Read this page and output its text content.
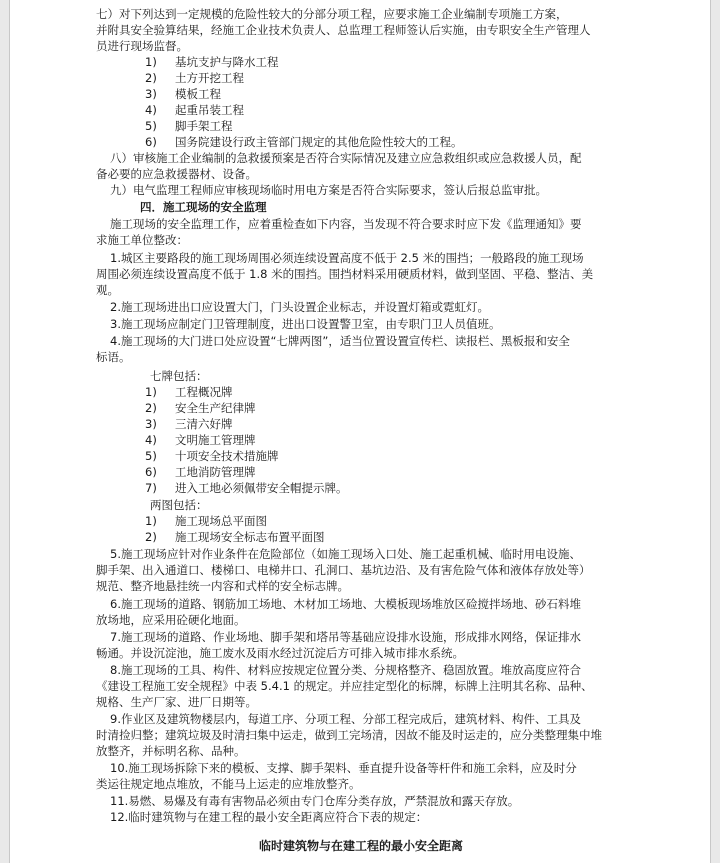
七）对下列达到一定规模的危险性较大的分部分项工程，应要求施工企业编制专项施工方案，
并附具安全验算结果，经施工企业技术负责人、总监理工程师签认后实施，由专职安全生产管理人
员进行现场监督。
1) 基坑支护与降水工程
2) 土方开挖工程
3) 模板工程
4) 起重吊装工程
5) 脚手架工程
6) 国务院建设行政主管部门规定的其他危险性较大的工程。
八）审核施工企业编制的急救援预案是否符合实际情况及建立应急救组织或应急救援人员，配
备必要的应急救援器材、设备。
九）电气监理工程师应审核现场临时用电方案是否符合实际要求，签认后报总监审批。
四．施工现场的安全监理
施工现场的安全监理工作，应着重检查如下内容，当发现不符合要求时应下发《监理通知》要
求施工单位整改：
1.城区主要路段的施工现场周围必须连续设置高度不低于 2.5 米的围挡；一般路段的施工现场
周围必须连续设置高度不低于 1.8 米的围挡。围挡材料采用硬质材料，做到坚固、平稳、整洁、美
观。
2.施工现场进出口应设置大门，门头设置企业标志，并设置灯箱或霓虹灯。
3.施工现场应制定门卫管理制度，进出口设置警卫室，由专职门卫人员值班。
4.施工现场的大门进口处应设置“七牌两图”，适当位置设置宣传栏、读报栏、黑板报和安全
标语。
七牌包括：
1) 工程概况牌
2) 安全生产纪律牌
3) 三清六好牌
4) 文明施工管理牌
5) 十项安全技术措施牌
6) 工地消防管理牌
7) 进入工地必须佩带安全帽提示牌。
两图包括：
1) 施工现场总平面图
2) 施工现场安全标志布置平面图
5.施工现场应针对作业条件在危险部位（如施工现场入口处、施工起重机械、临时用电设施、
脚手架、出入通道口、楼梯口、电梯井口、孔洞口、基坑边沿、及有害危险气体和液体存放处等）
规范、整齐地悬挂统一内容和式样的安全标志牌。
6.施工现场的道路、钢筋加工场地、木材加工场地、大模板现场堆放区硷搅拌场地、砂石料堆
放场地，应采用砼硬化地面。
7.施工现场的道路、作业场地、脚手架和塔吊等基础应设排水设施，形成排水网络，保证排水
畅通。并设沉淀池，施工废水及雨水经过沉淀后方可排入城市排水系统。
8.施工现场的工具、构件、材料应按规定位置分类、分规格整齐、稳固放置。堆放高度应符合
《建设工程施工安全规程》中表 5.4.1 的规定。并应挂定型化的标牌，标牌上注明其名称、品种、
规格、生产厂家、进厂日期等。
9.作业区及建筑物楼层内，每道工序、分项工程、分部工程完成后，建筑材料、构件、工具及
时清捡归整；建筑垃圾及时清扫集中运走，做到工完场清，因故不能及时运走的，应分类整理集中堆
放整齐，并标明名称、品种。
10.施工现场拆除下来的模板、支撑、脚手架料、垂直提升设备等杆件和施工余料，应及时分
类运往规定地点堆放，不能马上运走的应堆放整齐。
11.易燃、易爆及有毒有害物品必须由专门仓库分类存放，严禁混放和露天存放。
12.临时建筑物与在建工程的最小安全距离应符合下表的规定：
临时建筑物与在建工程的最小安全距离
